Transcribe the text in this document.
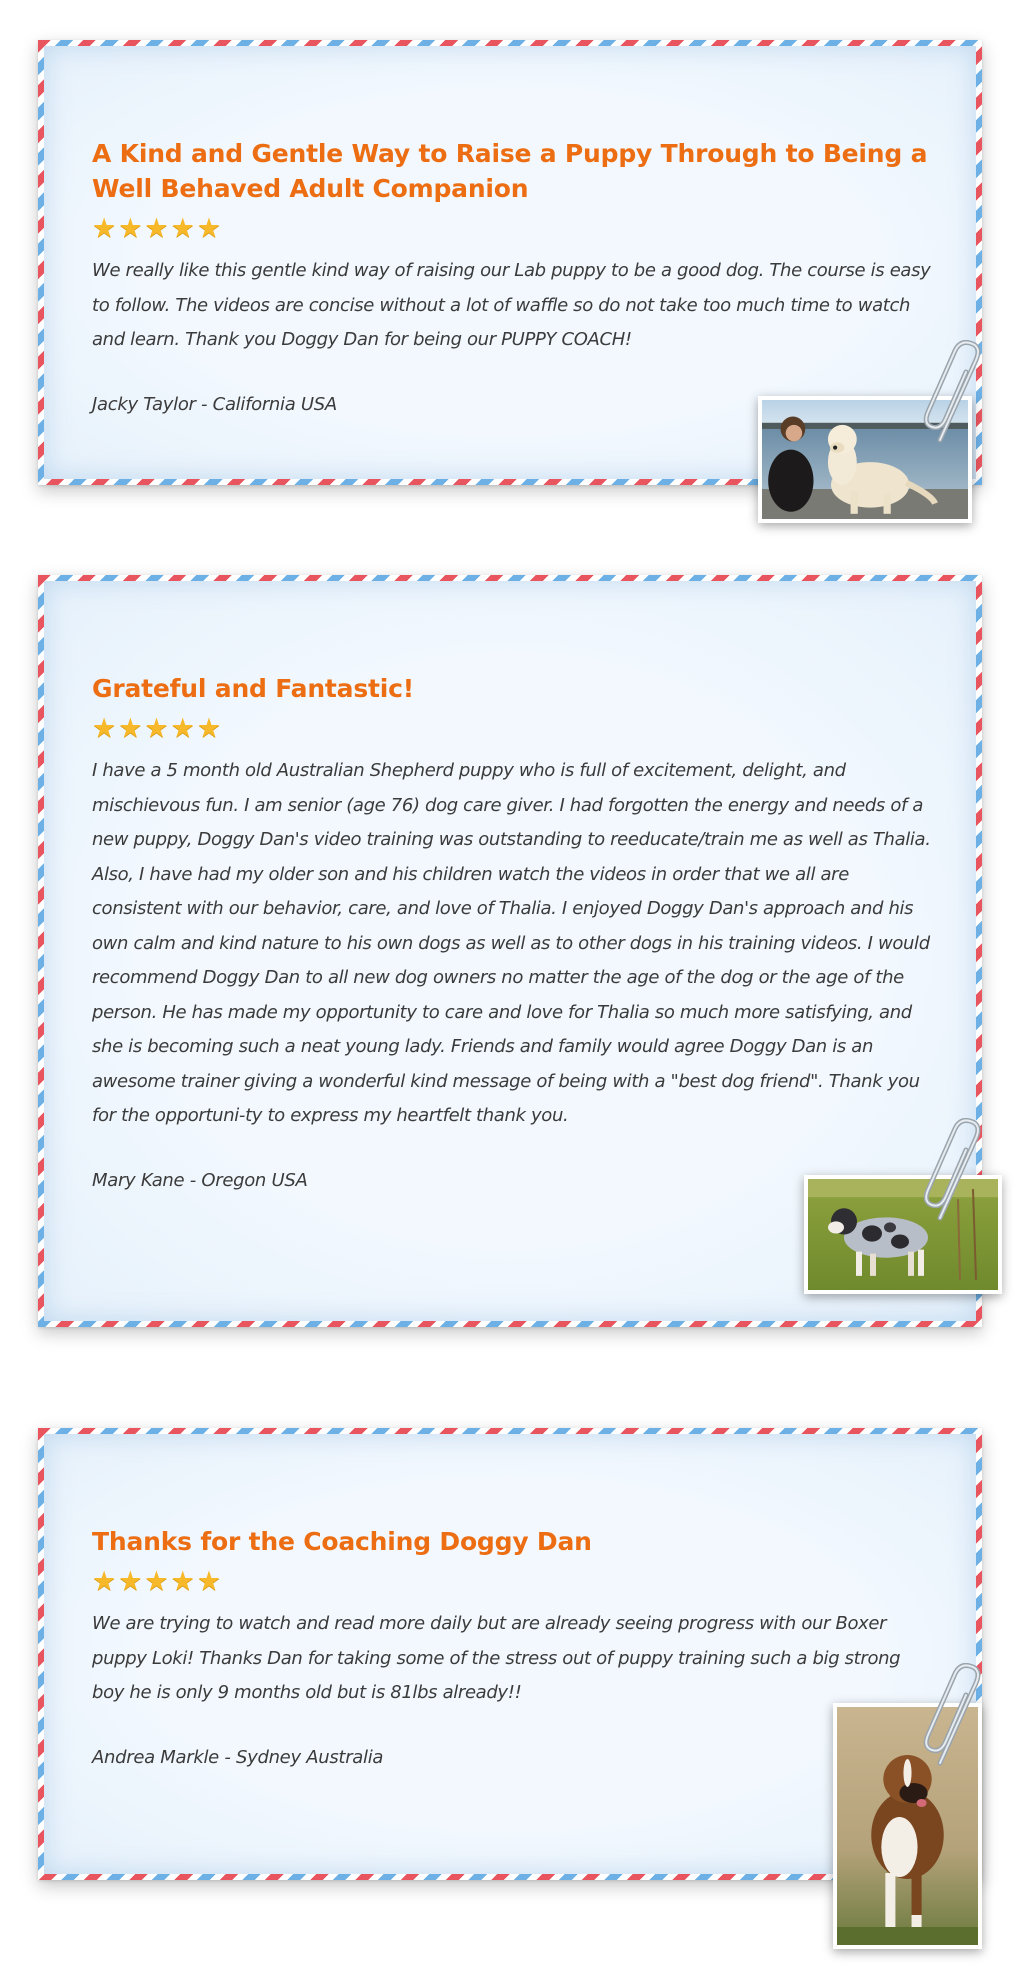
A Kind and Gentle Way to Raise a Puppy Through to Being a Well Behaved Adult Companion
★★★★★

We really like this gentle kind way of raising our Lab puppy to be a good dog. The course is easy to follow. The videos are concise without a lot of waffle so do not take too much time to watch and learn. Thank you Doggy Dan for being our PUPPY COACH!

Jacky Taylor - California USA
Grateful and Fantastic!
★★★★★

I have a 5 month old Australian Shepherd puppy who is full of excitement, delight, and mischievous fun. I am senior (age 76) dog care giver. I had forgotten the energy and needs of a new puppy, Doggy Dan's video training was outstanding to reeducate/train me as well as Thalia. Also, I have had my older son and his children watch the videos in order that we all are consistent with our behavior, care, and love of Thalia. I enjoyed Doggy Dan's approach and his own calm and kind nature to his own dogs as well as to other dogs in his training videos. I would recommend Doggy Dan to all new dog owners no matter the age of the dog or the age of the person. He has made my opportunity to care and love for Thalia so much more satisfying, and she is becoming such a neat young lady. Friends and family would agree Doggy Dan is an awesome trainer giving a wonderful kind message of being with a "best dog friend". Thank you for the opportuni-ty to express my heartfelt thank you.

Mary Kane - Oregon USA
Thanks for the Coaching Doggy Dan
★★★★★

We are trying to watch and read more daily but are already seeing progress with our Boxer puppy Loki! Thanks Dan for taking some of the stress out of puppy training such a big strong boy he is only 9 months old but is 81lbs already!!

Andrea Markle - Sydney Australia
